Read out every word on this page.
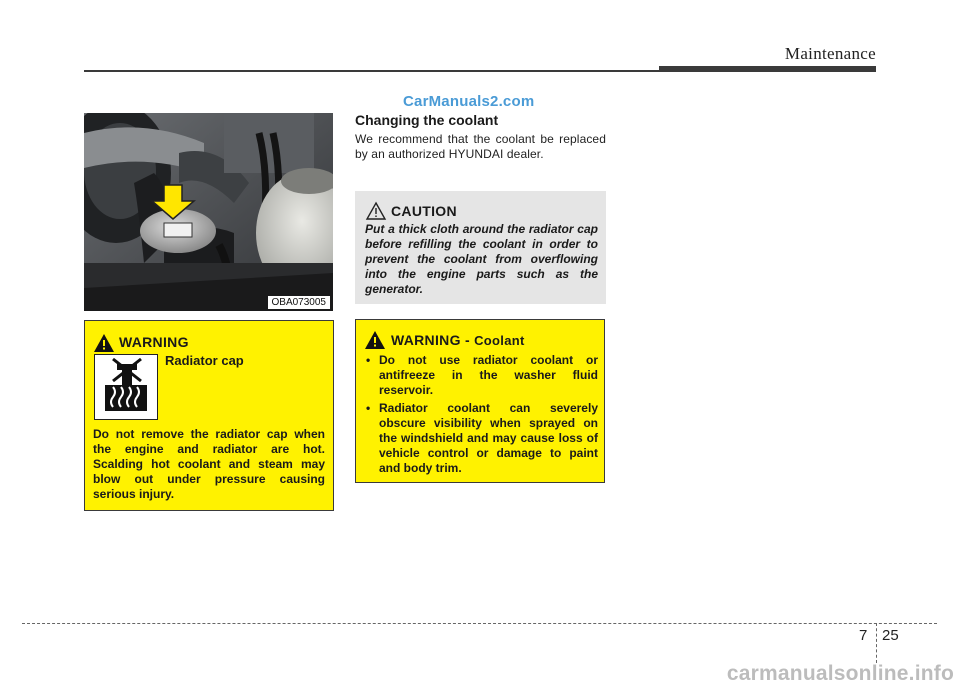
Maintenance
CarManuals2.com
OBA073005
Changing the coolant
We recommend that the coolant be replaced by an authorized HYUNDAI dealer.
CAUTION
Put a thick cloth around the radiator cap before refilling the coolant in order to prevent the coolant from overflowing into the engine parts such as the generator.
WARNING
Radiator cap
Do not remove the radiator cap when the engine and radiator are hot. Scalding hot coolant and steam may blow out under pressure causing serious injury.
WARNING - Coolant
• Do not use radiator coolant or antifreeze in the washer fluid reservoir.
• Radiator coolant can severely obscure visibility when sprayed on the windshield and may cause loss of vehicle control or damage to paint and body trim.
7 25
carmanualsonline.info
